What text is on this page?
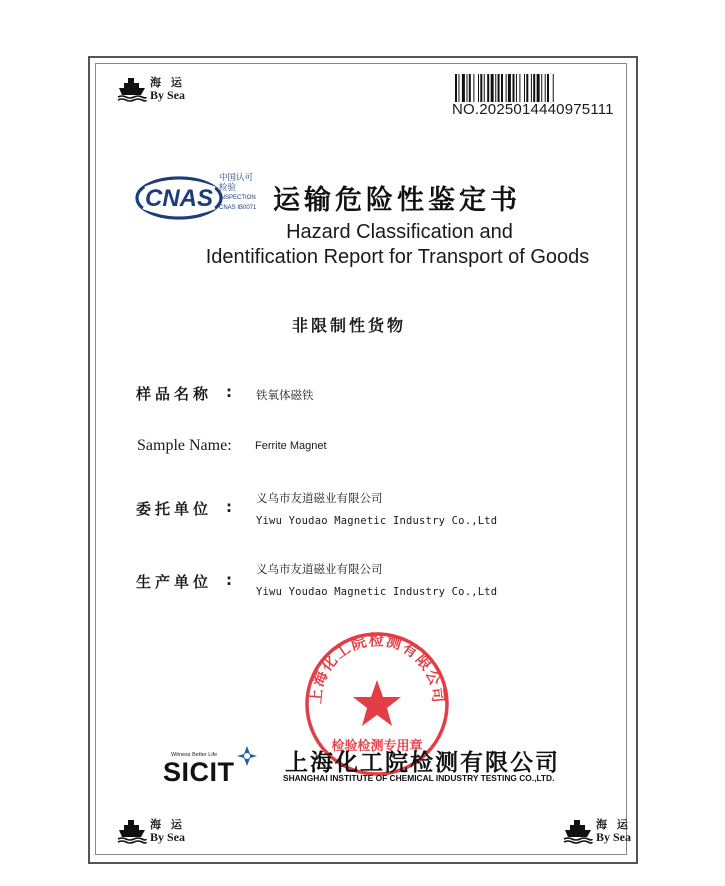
海 运
By Sea
NO.2025014440975111
CNAS
中国认可
检验
INSPECTION
CNAS IB0071 运输危险性鉴定书
Hazard Classification and
Identification Report for Transport of Goods
非限制性货物
样品名称 : 铁氧体磁铁
Sample Name: Ferrite Magnet
委托单位 : 义乌市友道磁业有限公司
Yiwu Youdao Magnetic Industry Co.,Ltd
生产单位 :
义乌市友道磁业有限公司
Yiwu Youdao Magnetic Industry Co.,Ltd
上海化工院检测有限公司
检验检测专用章
Witness Better Life
SICIT 上海化工院检测有限公司
SHANGHAI INSTITUTE OF CHEMICAL INDUSTRY TESTING CO.,LTD.
海 运
By Sea
海 运
By Sea
